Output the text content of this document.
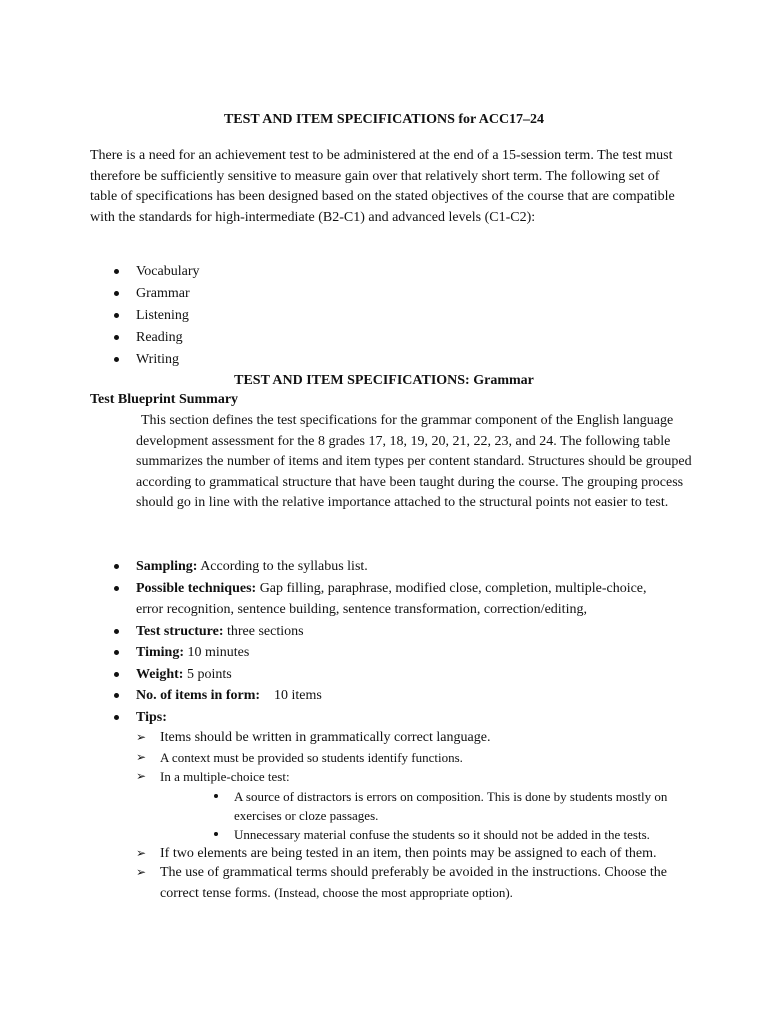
TEST AND ITEM SPECIFICATIONS for ACC17–24

There is a need for an achievement test to be administered at the end of a 15-session term. The test must therefore be sufficiently sensitive to measure gain over that relatively short term. The following set of table of specifications has been designed based on the stated objectives of the course that are compatible with the standards for high-intermediate (B2-C1) and advanced levels (C1-C2):

Vocabulary
Grammar
Listening
Reading
Writing
TEST AND ITEM SPECIFICATIONS: Grammar
Test Blueprint Summary

This section defines the test specifications for the grammar component of the English language development assessment for the 8 grades 17, 18, 19, 20, 21, 22, 23, and 24. The following table summarizes the number of items and item types per content standard. Structures should be grouped according to grammatical structure that have been taught during the course. The grouping process should go in line with the relative importance attached to the structural points not easier to test.

Sampling: According to the syllabus list.
Possible techniques: Gap filling, paraphrase, modified close, completion, multiple-choice, error recognition, sentence building, sentence transformation, correction/editing,
Test structure: three sections
Timing: 10 minutes
Weight: 5 points
No. of items in form:    10 items
Tips:
➢ Items should be written in grammatically correct language.
➢ A context must be provided so students identify functions.
➢ In a multiple-choice test:
A source of distractors is errors on composition. This is done by students mostly on exercises or cloze passages.
Unnecessary material confuse the students so it should not be added in the tests.
➢ If two elements are being tested in an item, then points may be assigned to each of them.
➢ The use of grammatical terms should preferably be avoided in the instructions. Choose the correct tense forms. (Instead, choose the most appropriate option).
